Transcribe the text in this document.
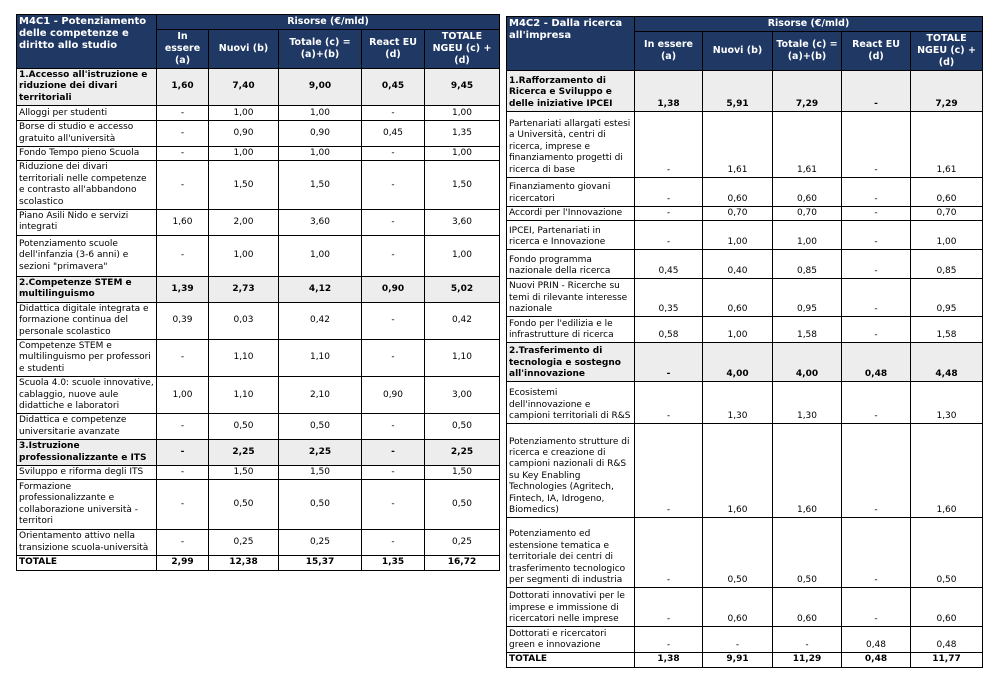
M4C1 - Potenziamento delle competenze e diritto allo studio	Risorse (€/mld)				
	In essere (a)	Nuovi (b)	Totale (c) = (a)+(b)	React EU (d)	TOTALE NGEU (c) + (d)
1.Accesso all'istruzione e riduzione dei divari territoriali	1,60	7,40	9,00	0,45	9,45
Alloggi per studenti	-	1,00	1,00	-	1,00
Borse di studio e accesso gratuito all'università	-	0,90	0,90	0,45	1,35
Fondo Tempo pieno Scuola	-	1,00	1,00	-	1,00
Riduzione dei divari territoriali nelle competenze e contrasto all'abbandono scolastico	-	1,50	1,50	-	1,50
Piano Asili Nido e servizi integrati	1,60	2,00	3,60	-	3,60
Potenziamento scuole dell'infanzia (3-6 anni) e sezioni "primavera"	-	1,00	1,00	-	1,00
2.Competenze STEM e multilinguismo	1,39	2,73	4,12	0,90	5,02
Didattica digitale integrata e formazione continua del personale scolastico	0,39	0,03	0,42	-	0,42
Competenze STEM e multilinguismo per professori e studenti	-	1,10	1,10	-	1,10
Scuola 4.0: scuole innovative, cablaggio, nuove aule didattiche e laboratori	1,00	1,10	2,10	0,90	3,00
Didattica e competenze universitarie avanzate	-	0,50	0,50	-	0,50
3.Istruzione professionalizzante e ITS	-	2,25	2,25	-	2,25
Sviluppo e riforma degli ITS	-	1,50	1,50	-	1,50
Formazione professionalizzante e collaborazione università - territori	-	0,50	0,50	-	0,50
Orientamento attivo nella transizione scuola-università	-	0,25	0,25	-	0,25
TOTALE	2,99	12,38	15,37	1,35	16,72
M4C2 - Dalla ricerca all'impresa	Risorse (€/mld)				
	In essere (a)	Nuovi (b)	Totale (c) = (a)+(b)	React EU (d)	TOTALE NGEU (c) + (d)
1.Rafforzamento di Ricerca e Sviluppo e delle iniziative IPCEI	1,38	5,91	7,29	-	7,29
Partenariati allargati estesi a Università, centri di ricerca, imprese e finanziamento progetti di ricerca di base	-	1,61	1,61	-	1,61
Finanziamento giovani ricercatori	-	0,60	0,60	-	0,60
Accordi per l'Innovazione	-	0,70	0,70	-	0,70
IPCEI, Partenariati in ricerca e Innovazione	-	1,00	1,00	-	1,00
Fondo programma nazionale della ricerca	0,45	0,40	0,85	-	0,85
Nuovi PRIN - Ricerche su temi di rilevante interesse nazionale	0,35	0,60	0,95	-	0,95
Fondo per l'edilizia e le infrastrutture di ricerca	0,58	1,00	1,58	-	1,58
2.Trasferimento di tecnologia e sostegno all'innovazione	-	4,00	4,00	0,48	4,48
Ecosistemi dell'innovazione e campioni territoriali di R&S	-	1,30	1,30	-	1,30
Potenziamento strutture di ricerca e creazione di campioni nazionali di R&S su Key Enabling Technologies (Agritech, Fintech, IA, Idrogeno, Biomedics)	-	1,60	1,60	-	1,60
Potenziamento ed estensione tematica e territoriale dei centri di trasferimento tecnologico per segmenti di industria	-	0,50	0,50	-	0,50
Dottorati innovativi per le imprese e immissione di ricercatori nelle imprese	-	0,60	0,60	-	0,60
Dottorati e ricercatori green e innovazione	-	-	-	0,48	0,48
TOTALE	1,38	9,91	11,29	0,48	11,77
